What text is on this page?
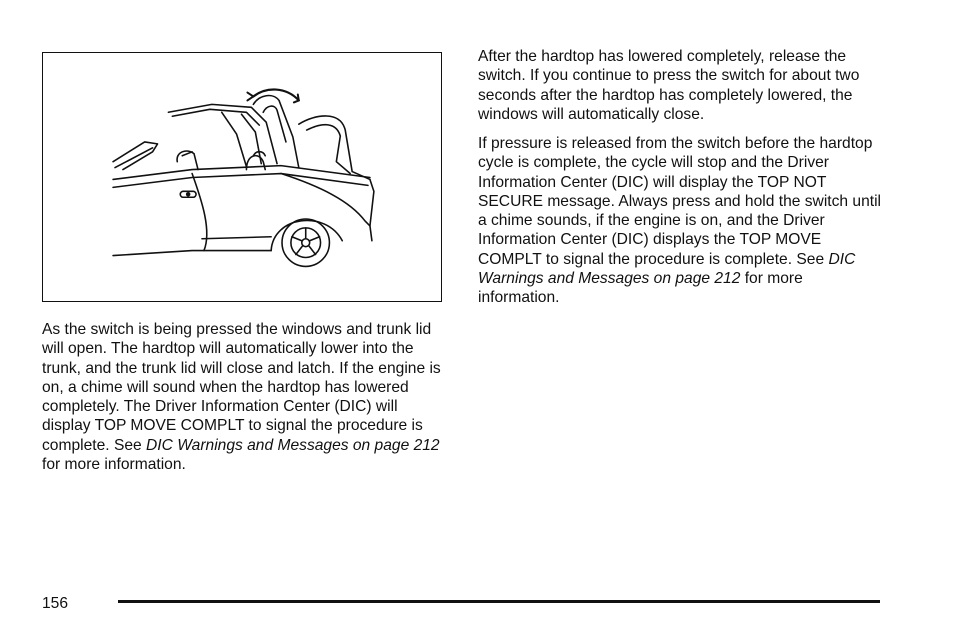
As the switch is being pressed the windows and trunk lid will open. The hardtop will automatically lower into the trunk, and the trunk lid will close and latch. If the engine is on, a chime will sound when the hardtop has lowered completely. The Driver Information Center (DIC) will display TOP MOVE COMPLT to signal the procedure is complete. See DIC Warnings and Messages on page 212 for more information.

After the hardtop has lowered completely, release the switch. If you continue to press the switch for about two seconds after the hardtop has completely lowered, the windows will automatically close.

If pressure is released from the switch before the hardtop cycle is complete, the cycle will stop and the Driver Information Center (DIC) will display the TOP NOT SECURE message. Always press and hold the switch until a chime sounds, if the engine is on, and the Driver Information Center (DIC) displays the TOP MOVE COMPLT to signal the procedure is complete. See DIC Warnings and Messages on page 212 for more information.

156
